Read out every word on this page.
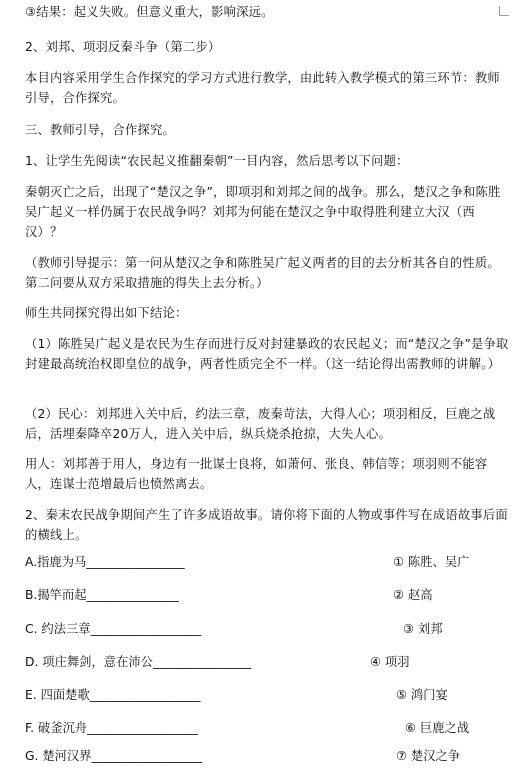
③结果：起义失败。但意义重大，影响深远。
2、刘邦、项羽反秦斗争（第二步）
本目内容采用学生合作探究的学习方式进行教学，由此转入教学模式的第三环节：教师引导，合作探究。
三、教师引导，合作探究。
1、让学生先阅读“农民起义推翻秦朝”一目内容，然后思考以下问题：
秦朝灭亡之后，出现了“楚汉之争”，即项羽和刘邦之间的战争。那么，楚汉之争和陈胜吴广起义一样仍属于农民战争吗？刘邦为何能在楚汉之争中取得胜利建立大汉（西汉）？
（教师引导提示：第一问从楚汉之争和陈胜吴广起义两者的目的去分析其各自的性质。第二问要从双方采取措施的得失上去分析。）
师生共同探究得出如下结论：
（1）陈胜吴广起义是农民为生存而进行反对封建暴政的农民起义；而“楚汉之争”是争取封建最高统治权即皇位的战争，两者性质完全不一样。（这一结论得出需教师的讲解。）
（2）民心：刘邦进入关中后，约法三章，废秦苛法，大得人心；项羽相反，巨鹿之战后，活埋秦降卒20万人，进入关中后，纵兵烧杀抢掠，大失人心。
用人：刘邦善于用人，身边有一批谋士良将，如萧何、张良、韩信等；项羽则不能容人，连谋士范增最后也愤然离去。
2、秦末农民战争期间产生了许多成语故事。请你将下面的人物或事件写在成语故事后面的横线上。
A.指鹿为马________________	① 陈胜、吴广
B.揭竿而起_______________	② 赵高
C. 约法三章__________________	③ 刘邦
D. 项庄舞剑，意在沛公________________	④ 项羽
E. 四面楚歌__________________	⑤ 鸿门宴
F. 破釜沉舟__________________	⑥ 巨鹿之战
G. 楚河汉界__________________	⑦ 楚汉之争
